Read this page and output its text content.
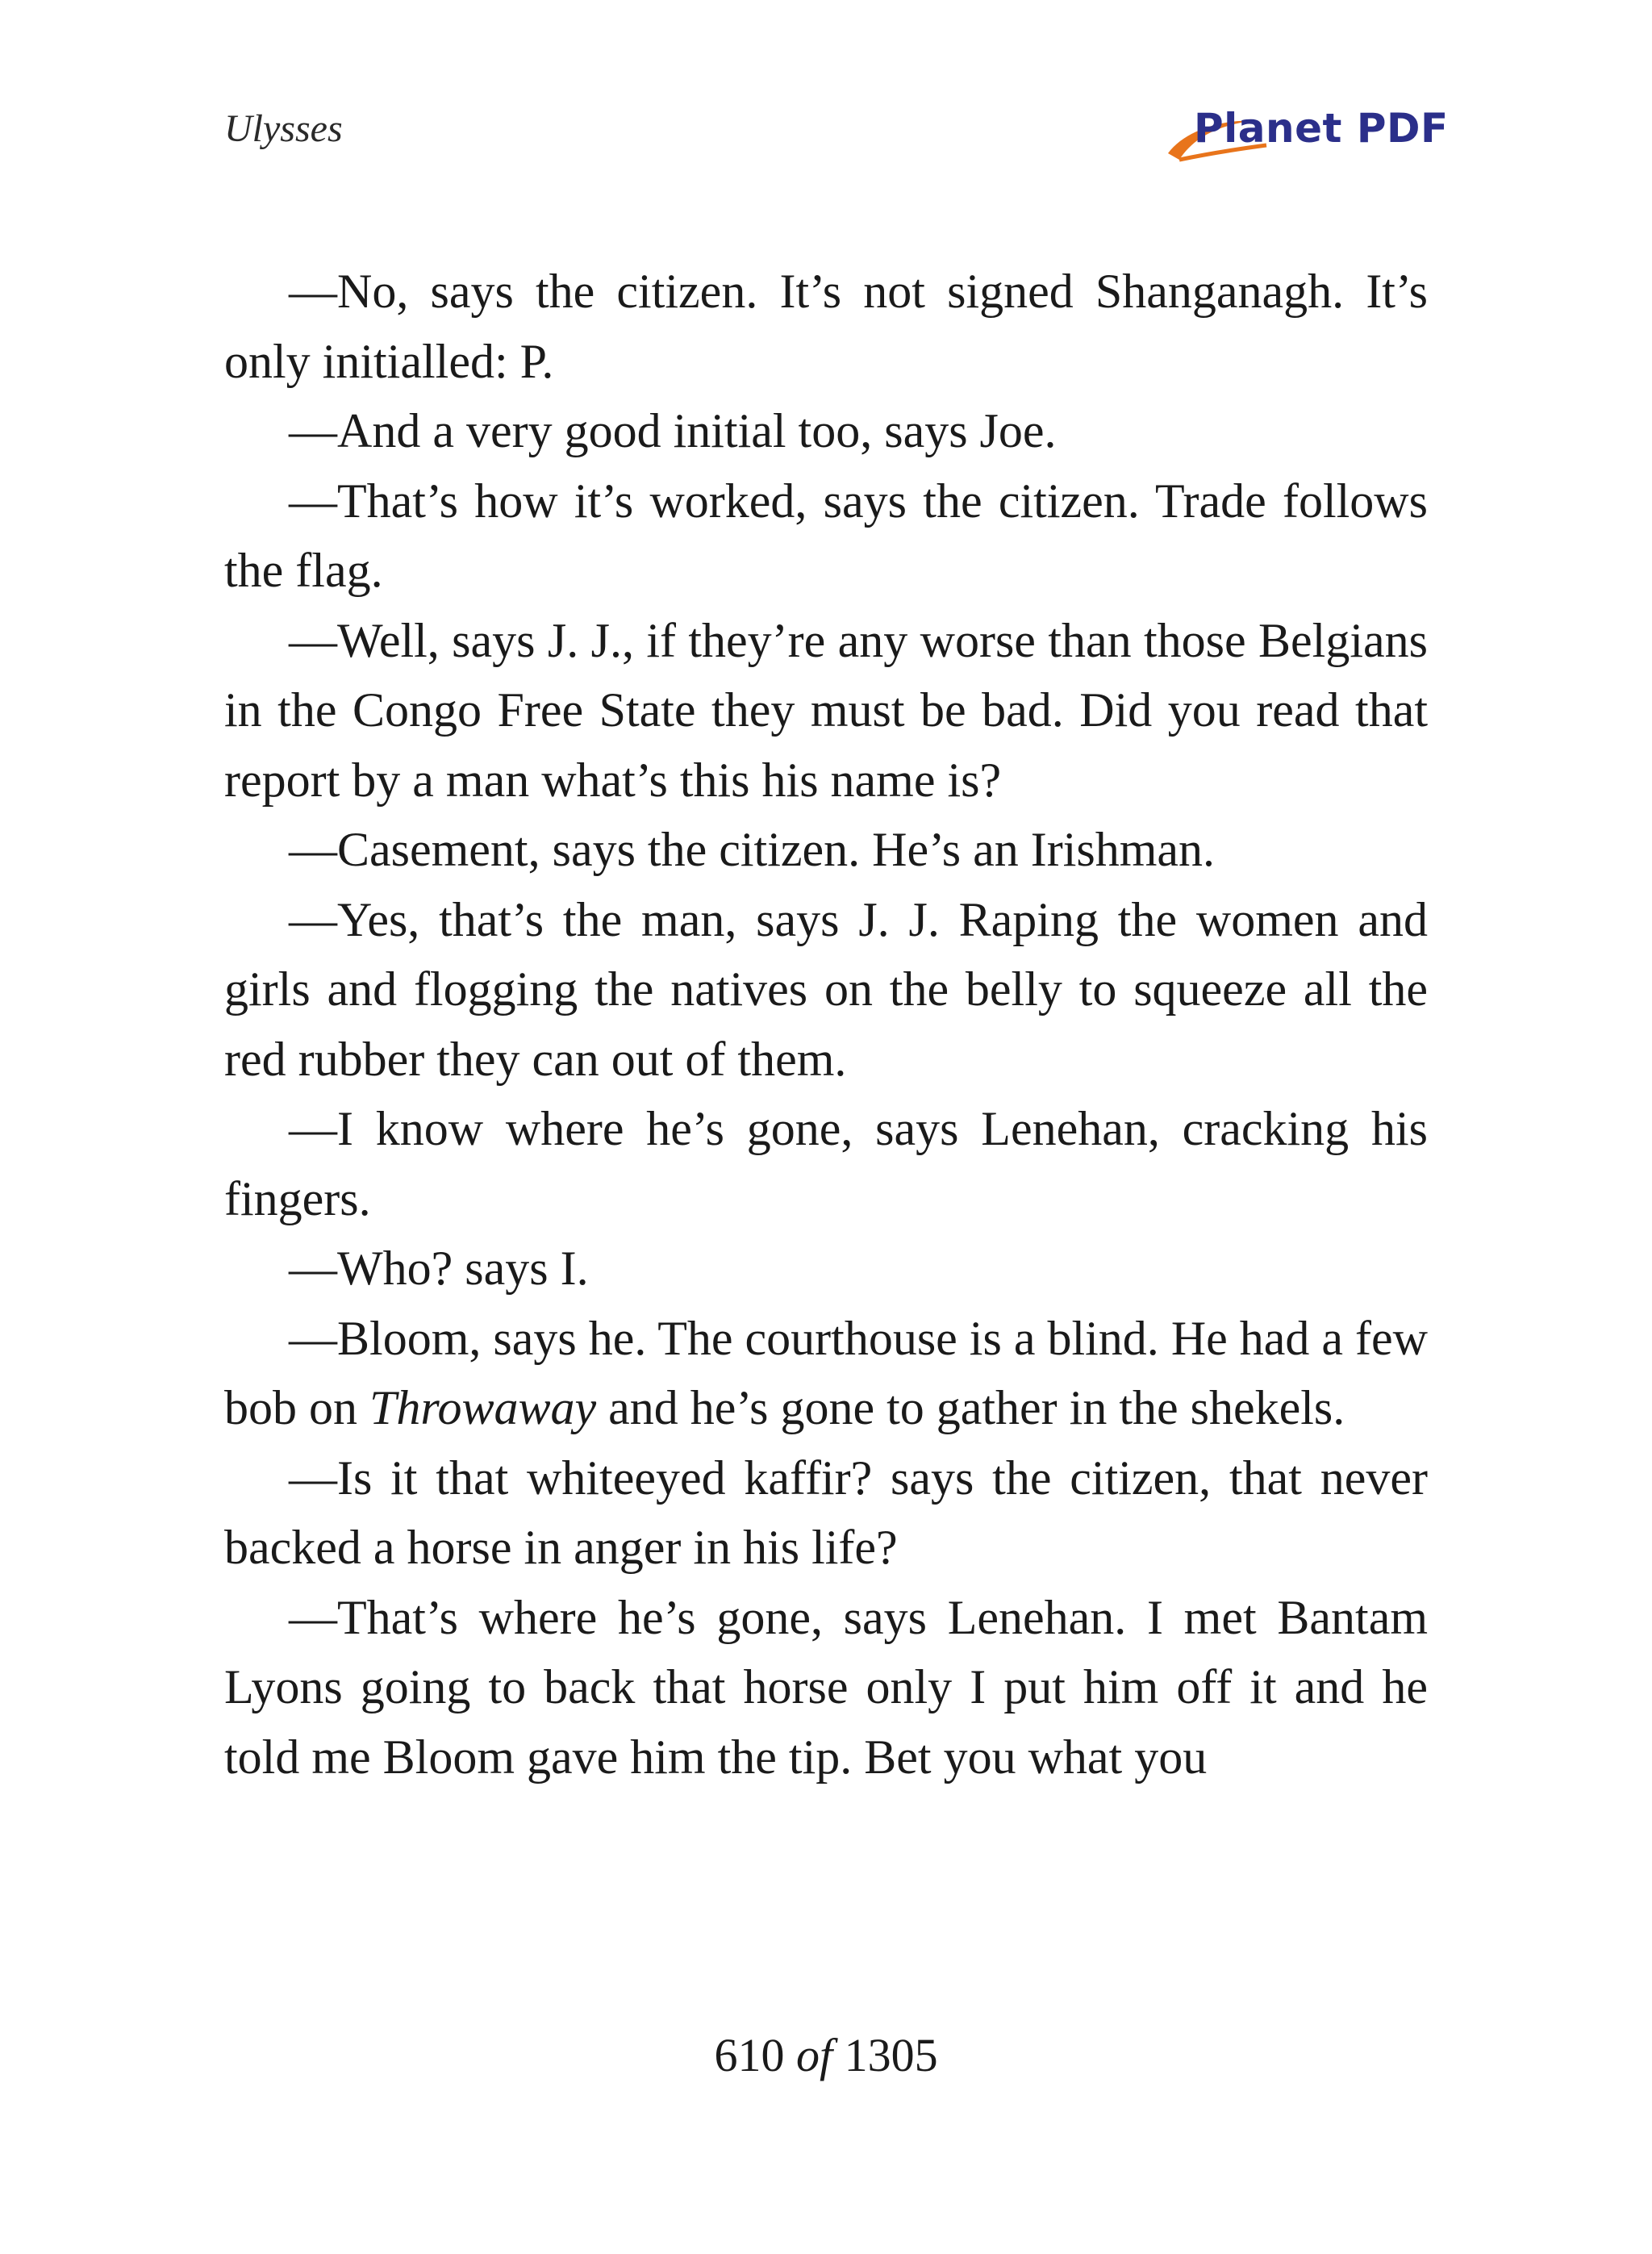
Ulysses	Planet PDF

—No, says the citizen. It’s not signed Shanganagh. It’s only initialled: P.

—And a very good initial too, says Joe.

—That’s how it’s worked, says the citizen. Trade follows the flag.

—Well, says J. J., if they’re any worse than those Belgians in the Congo Free State they must be bad. Did you read that report by a man what’s this his name is?

—Casement, says the citizen. He’s an Irishman.

—Yes, that’s the man, says J. J. Raping the women and girls and flogging the natives on the belly to squeeze all the red rubber they can out of them.

—I know where he’s gone, says Lenehan, cracking his fingers.

—Who? says I.

—Bloom, says he. The courthouse is a blind. He had a few bob on Throwaway and he’s gone to gather in the shekels.

—Is it that whiteeyed kaffir? says the citizen, that never backed a horse in anger in his life?

—That’s where he’s gone, says Lenehan. I met Bantam Lyons going to back that horse only I put him off it and he told me Bloom gave him the tip. Bet you what you

610 of 1305
